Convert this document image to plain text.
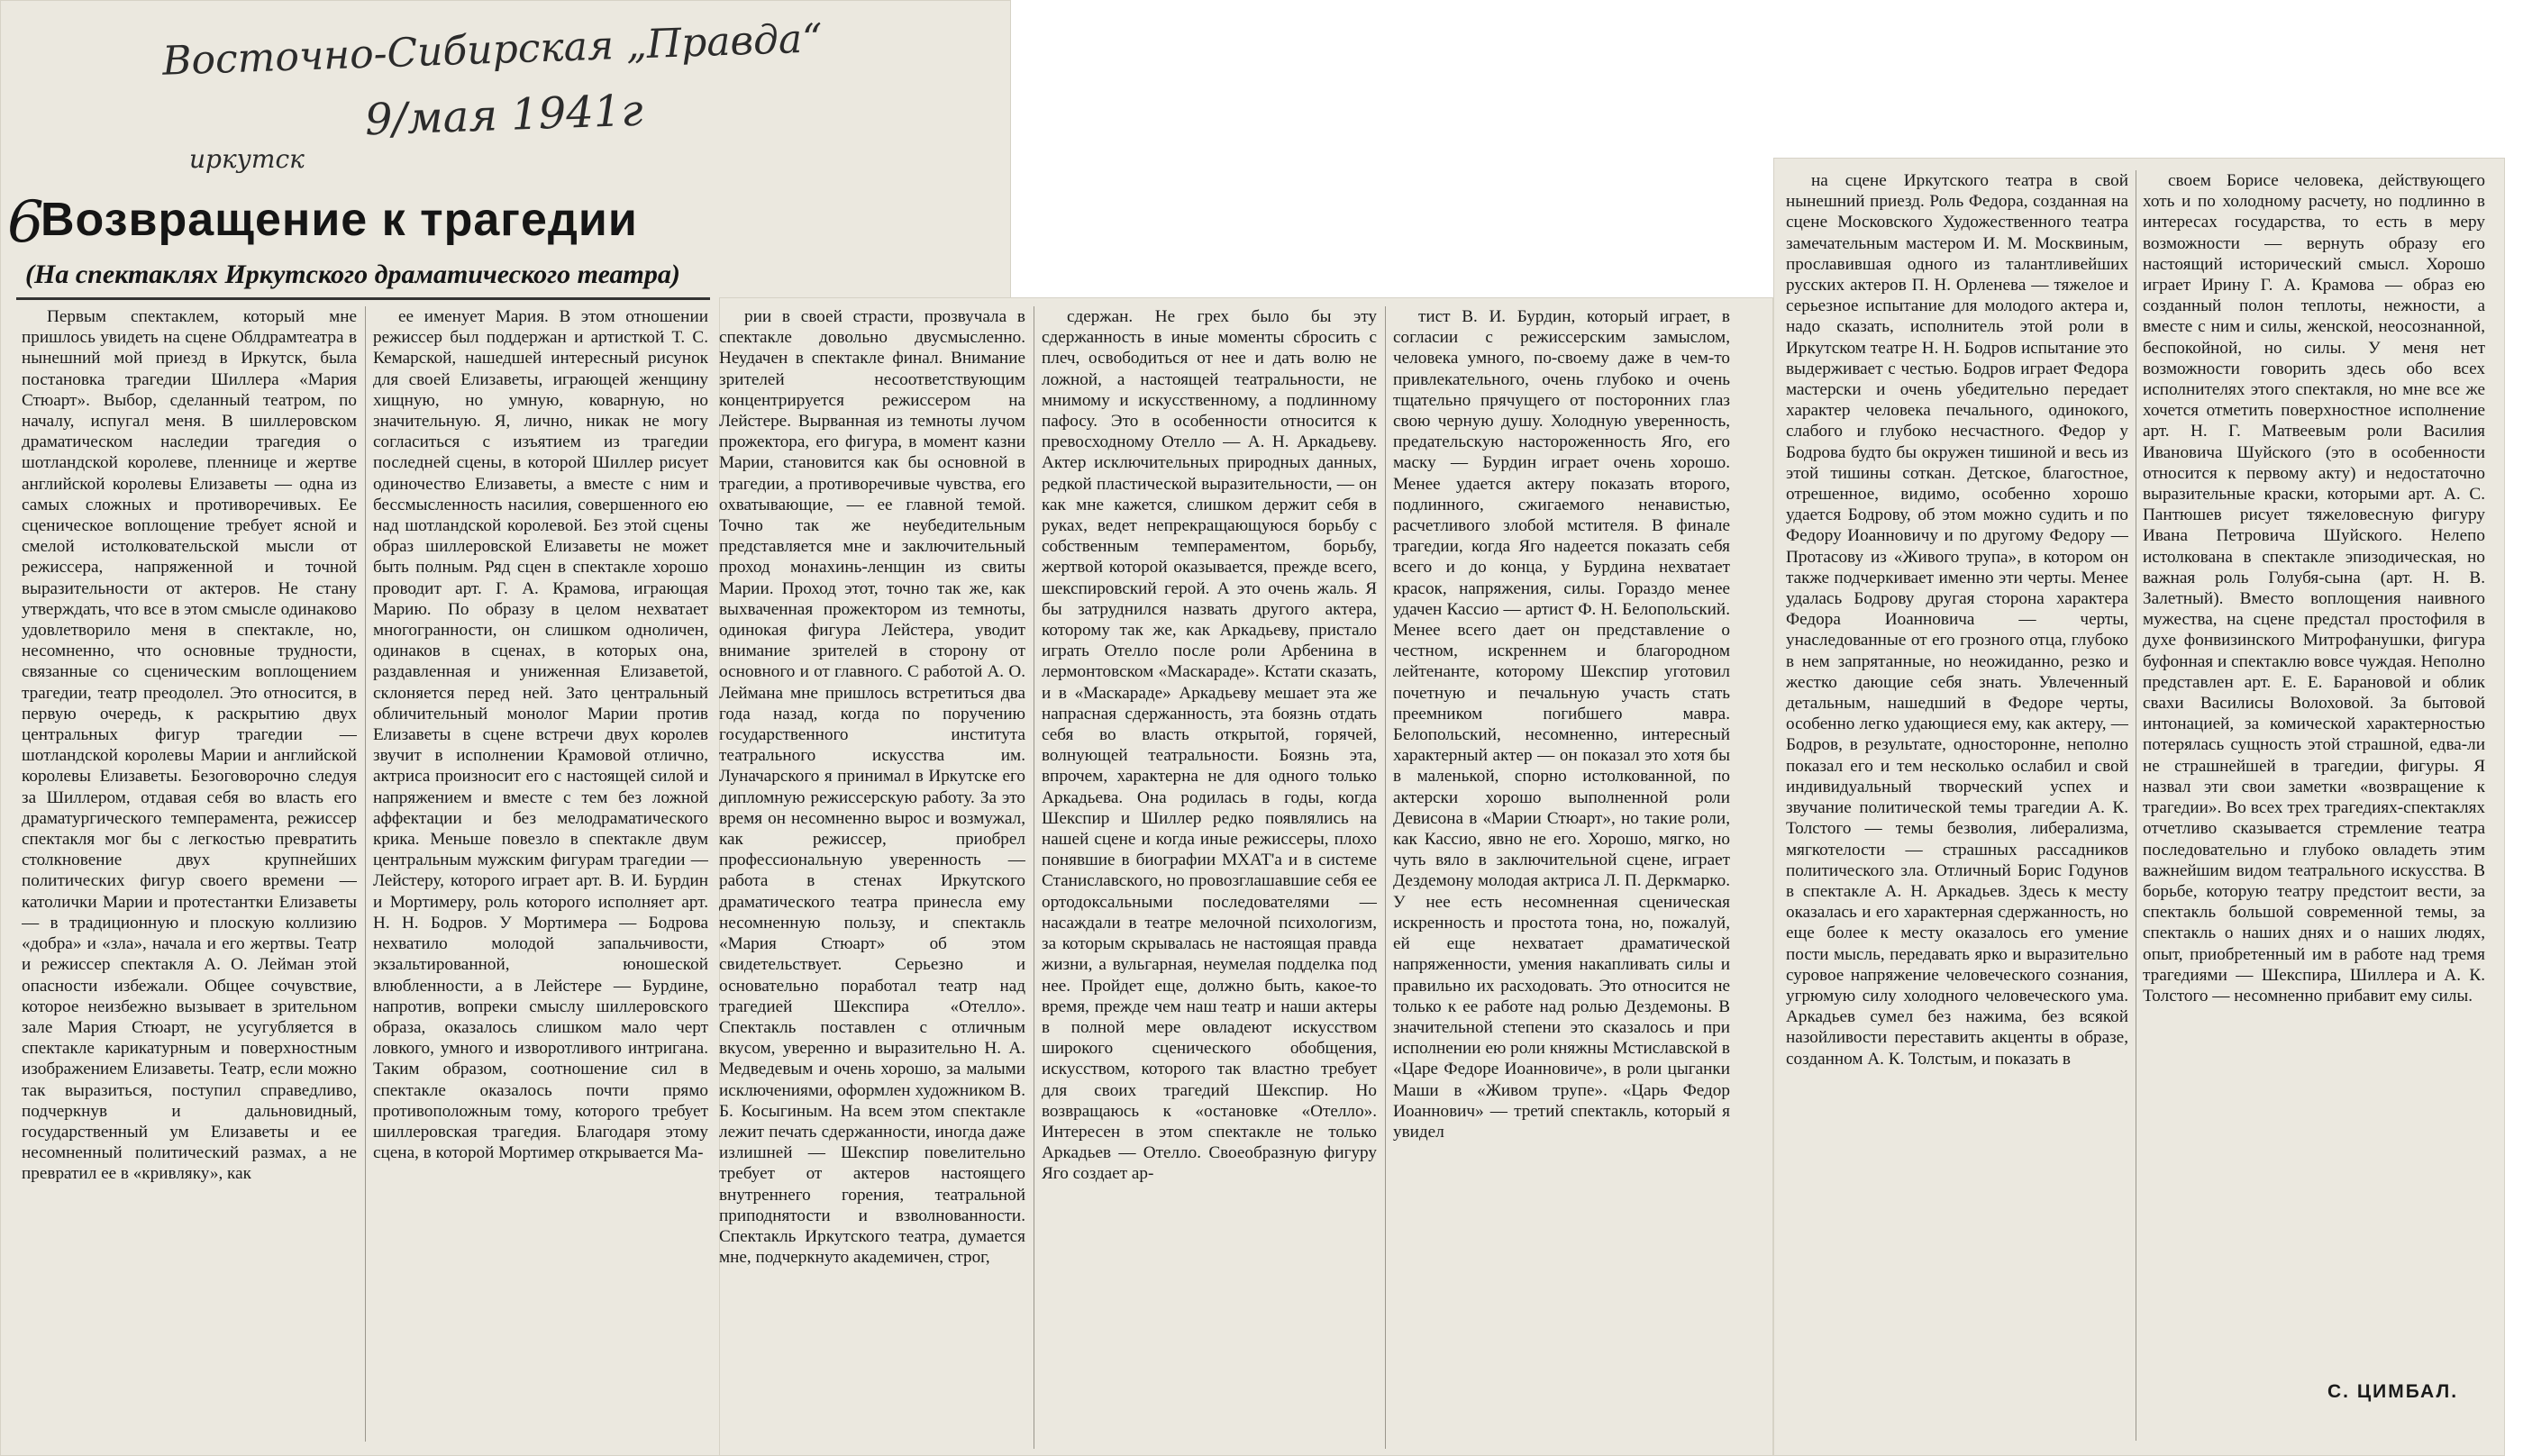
Восточно-Сибирская „Правда“
9/мая 1941г
иркутск
6
Возвращение к трагедии
(На спектаклях Иркутского драматического театра)
Первым спектаклем, который мне пришлось увидеть на сцене Облдрамтеатра в нынешний мой приезд в Иркутск, была постановка трагедии Шиллера «Мария Стюарт». Выбор, сделанный театром, по началу, испугал меня. В шиллеровском драматическом наследии трагедия о шотландской королеве, пленнице и жертве английской королевы Елизаветы — одна из самых сложных и противоречивых. Ее сценическое воплощение требует ясной и смелой истолковательской мысли от режиссера, напряженной и точной выразительности от актеров. Не стану утверждать, что все в этом смысле одинаково удовлетворило меня в спектакле, но, несомненно, что основные трудности, связанные со сценическим воплощением трагедии, театр преодолел. Это относится, в первую очередь, к раскрытию двух центральных фигур трагедии — шотландской королевы Марии и английской королевы Елизаветы. Безоговорочно следуя за Шиллером, отдавая себя во власть его драматургического темперамента, режиссер спектакля мог бы с легкостью превратить столкновение двух крупнейших политических фигур своего времени — католички Марии и протестантки Елизаветы — в традиционную и плоскую коллизию «добра» и «зла», начала и его жертвы. Театр и режиссер спектакля А. О. Лейман этой опасности избежали. Общее сочувствие, которое неизбежно вызывает в зрительном зале Мария Стюарт, не усугубляется в спектакле карикатурным и поверхностным изображением Елизаветы. Театр, если можно так выразиться, поступил справедливо, подчеркнув и дальновидный, государственный ум Елизаветы и ее несомненный политический размах, а не превратил ее в «кривляку», как
ее именует Мария. В этом отношении режиссер был поддержан и артисткой Т. С. Кемарской, нашедшей интересный рисунок для своей Елизаветы, играющей женщину хищную, но умную, коварную, но значительную. Я, лично, никак не могу согласиться с изъятием из трагедии последней сцены, в которой Шиллер рисует одиночество Елизаветы, а вместе с ним и бессмысленность насилия, совершенного ею над шотландской королевой. Без этой сцены образ шиллеровской Елизаветы не может быть полным. Ряд сцен в спектакле хорошо проводит арт. Г. А. Крамова, играющая Марию. По образу в целом нехватает многогранности, он слишком одноличен, одинаков в сценах, в которых она, раздавленная и униженная Елизаветой, склоняется перед ней. Зато центральный обличительный монолог Марии против Елизаветы в сцене встречи двух королев звучит в исполнении Крамовой отлично, актриса произносит его с настоящей силой и напряжением и вместе с тем без ложной аффектации и без мелодраматического крика. Меньше повезло в спектакле двум центральным мужским фигурам трагедии — Лейстеру, которого играет арт. В. И. Бурдин и Мортимеру, роль которого исполняет арт. Н. Н. Бодров. У Мортимера — Бодрова нехватило молодой запальчивости, экзальтированной, юношеской влюбленности, а в Лейстере — Бурдине, напротив, вопреки смыслу шиллеровского образа, оказалось слишком мало черт ловкого, умного и изворотливого интригана. Таким образом, соотношение сил в спектакле оказалось почти прямо противоположным тому, которого требует шиллеровская трагедия. Благодаря этому сцена, в которой Мортимер открывается Ма-
рии в своей страсти, прозвучала в спектакле довольно двусмысленно. Неудачен в спектакле финал. Внимание зрителей несоответствующим концентрируется режиссером на Лейстере. Вырванная из темноты лучом прожектора, его фигура, в момент казни Марии, становится как бы основной в трагедии, а противоречивые чувства, его охватывающие, — ее главной темой. Точно так же неубедительным представляется мне и заключительный проход монахинь-ленщин из свиты Марии. Проход этот, точно так же, как выхваченная прожектором из темноты, одинокая фигура Лейстера, уводит внимание зрителей в сторону от основного и от главного. С работой А. О. Леймана мне пришлось встретиться два года назад, когда по поручению государственного института театрального искусства им. Луначарского я принимал в Иркутске его дипломную режиссерскую работу. За это время он несомненно вырос и возмужал, как режиссер, приобрел профессиональную уверенность — работа в стенах Иркутского драматического театра принесла ему несомненную пользу, и спектакль «Мария Стюарт» об этом свидетельствует. Серьезно и основательно поработал театр над трагедией Шекспира «Отелло». Спектакль поставлен с отличным вкусом, уверенно и выразительно Н. А. Медведевым и очень хорошо, за малыми исключениями, оформлен художником В. Б. Косыгиным. На всем этом спектакле лежит печать сдержанности, иногда даже излишней — Шекспир повелительно требует от актеров настоящего внутреннего горения, театральной приподнятости и взволнованности. Спектакль Иркутского театра, думается мне, подчеркнуто академичен, строг,
сдержан. Не грех было бы эту сдержанность в иные моменты сбросить с плеч, освободиться от нее и дать волю не ложной, а настоящей театральности, не мнимому и искусственному, а подлинному пафосу. Это в особенности относится к превосходному Отелло — А. Н. Аркадьеву. Актер исключительных природных данных, редкой пластической выразительности, — он как мне кажется, слишком держит себя в руках, ведет непрекращающуюся борьбу с собственным темпераментом, борьбу, жертвой которой оказывается, прежде всего, шекспировский герой. А это очень жаль. Я бы затруднился назвать другого актера, которому так же, как Аркадьеву, пристало играть Отелло после роли Арбенина в лермонтовском «Маскараде». Кстати сказать, и в «Маскараде» Аркадьеву мешает эта же напрасная сдержанность, эта боязнь отдать себя во власть открытой, горячей, волнующей театральности. Боязнь эта, впрочем, характерна не для одного только Аркадьева. Она родилась в годы, когда Шекспир и Шиллер редко появлялись на нашей сцене и когда иные режиссеры, плохо понявшие в биографии МХАТ'а и в системе Станиславского, но провозглашавшие себя ее ортодоксальными последователями — насаждали в театре мелочной психологизм, за которым скрывалась не настоящая правда жизни, а вульгарная, неумелая подделка под нее. Пройдет еще, должно быть, какое-то время, прежде чем наш театр и наши актеры в полной мере овладеют искусством широкого сценического обобщения, искусством, которого так властно требует для своих трагедий Шекспир. Но возвращаюсь к «остановке «Отелло». Интересен в этом спектакле не только Аркадьев — Отелло. Своеобразную фигуру Яго создает ар-
тист В. И. Бурдин, который играет, в согласии с режиссерским замыслом, человека умного, по-своему даже в чем-то привлекательного, очень глубоко и очень тщательно прячущего от посторонних глаз свою черную душу. Холодную уверенность, предательскую настороженность Яго, его маску — Бурдин играет очень хорошо. Менее удается актеру показать второго, подлинного, сжигаемого ненавистью, расчетливого злобой мстителя. В финале трагедии, когда Яго надеется показать себя всего и до конца, у Бурдина нехватает красок, напряжения, силы. Гораздо менее удачен Кассио — артист Ф. Н. Белопольский. Менее всего дает он представление о честном, искреннем и благородном лейтенанте, которому Шекспир уготовил почетную и печальную участь стать преемником погибшего мавра. Белопольский, несомненно, интересный характерный актер — он показал это хотя бы в маленькой, спорно истолкованной, по актерски хорошо выполненной роли Девисона в «Марии Стюарт», но такие роли, как Кассио, явно не его. Хорошо, мягко, но чуть вяло в заключительной сцене, играет Дездемону молодая актриса Л. П. Деркмарко. У нее есть несомненная сценическая искренность и простота тона, но, пожалуй, ей еще нехватает драматической напряженности, умения накапливать силы и правильно их расходовать. Это относится не только к ее работе над ролью Дездемоны. В значительной степени это сказалось и при исполнении ею роли княжны Мстиславской в «Царе Федоре Иоанновиче», в роли цыганки Маши в «Живом трупе». «Царь Федор Иоаннович» — третий спектакль, который я увидел
на сцене Иркутского театра в свой нынешний приезд. Роль Федора, созданная на сцене Московского Художественного театра замечательным мастером И. М. Москвиным, прославившая одного из талантливейших русских актеров П. Н. Орленева — тяжелое и серьезное испытание для молодого актера и, надо сказать, исполнитель этой роли в Иркутском театре Н. Н. Бодров испытание это выдерживает с честью. Бодров играет Федора мастерски и очень убедительно передает характер человека печального, одинокого, слабого и глубоко несчастного. Федор у Бодрова будто бы окружен тишиной и весь из этой тишины соткан. Детское, благостное, отрешенное, видимо, особенно хорошо удается Бодрову, об этом можно судить и по Федору Иоанновичу и по другому Федору — Протасову из «Живого трупа», в котором он также подчеркивает именно эти черты. Менее удалась Бодрову другая сторона характера Федора Иоанновича — черты, унаследованные от его грозного отца, глубоко в нем запрятанные, но неожиданно, резко и жестко дающие себя знать. Увлеченный детальным, нашедший в Федоре черты, особенно легко удающиеся ему, как актеру, — Бодров, в результате, односторонне, неполно показал его и тем несколько ослабил и свой индивидуальный творческий успех и звучание политической темы трагедии А. К. Толстого — темы безволия, либерализма, мягкотелости — страшных рассадников политического зла. Отличный Борис Годунов в спектакле А. Н. Аркадьев. Здесь к месту оказалась и его характерная сдержанность, но еще более к месту оказалось его умение пости мысль, передавать ярко и выразительно суровое напряжение человеческого сознания, угрюмую силу холодного человеческого ума. Аркадьев сумел без нажима, без всякой назойливости переставить акценты в образе, созданном А. К. Толстым, и показать в
своем Борисе человека, действующего хоть и по холодному расчету, но подлинно в интересах государства, то есть в меру возможности — вернуть образу его настоящий исторический смысл. Хорошо играет Ирину Г. А. Крамова — образ ею созданный полон теплоты, нежности, а вместе с ним и силы, женской, неосознанной, беспокойной, но силы. У меня нет возможности говорить здесь обо всех исполнителях этого спектакля, но мне все же хочется отметить поверхностное исполнение арт. Н. Г. Матвеевым роли Василия Ивановича Шуйского (это в особенности относится к первому акту) и недостаточно выразительные краски, которыми арт. А. С. Пантюшев рисует тяжеловесную фигуру Ивана Петровича Шуйского. Нелепо истолкована в спектакле эпизодическая, но важная роль Голубя-сына (арт. Н. В. Залетный). Вместо воплощения наивного мужества, на сцене предстал простофиля в духе фонвизинского Митрофанушки, фигура буфонная и спектаклю вовсе чуждая. Неполно представлен арт. Е. Е. Барановой и облик свахи Василисы Волоховой. За бытовой интонацией, за комической характерностью потерялась сущность этой страшной, едва-ли не страшнейшей в трагедии, фигуры. Я назвал эти свои заметки «возвращение к трагедии». Во всех трех трагедиях-спектаклях отчетливо сказывается стремление театра последовательно и глубоко овладеть этим важнейшим видом театрального искусства. В борьбе, которую театру предстоит вести, за спектакль большой современной темы, за спектакль о наших днях и о наших людях, опыт, приобретенный им в работе над тремя трагедиями — Шекспира, Шиллера и А. К. Толстого — несомненно прибавит ему силы.
С. ЦИМБАЛ.
